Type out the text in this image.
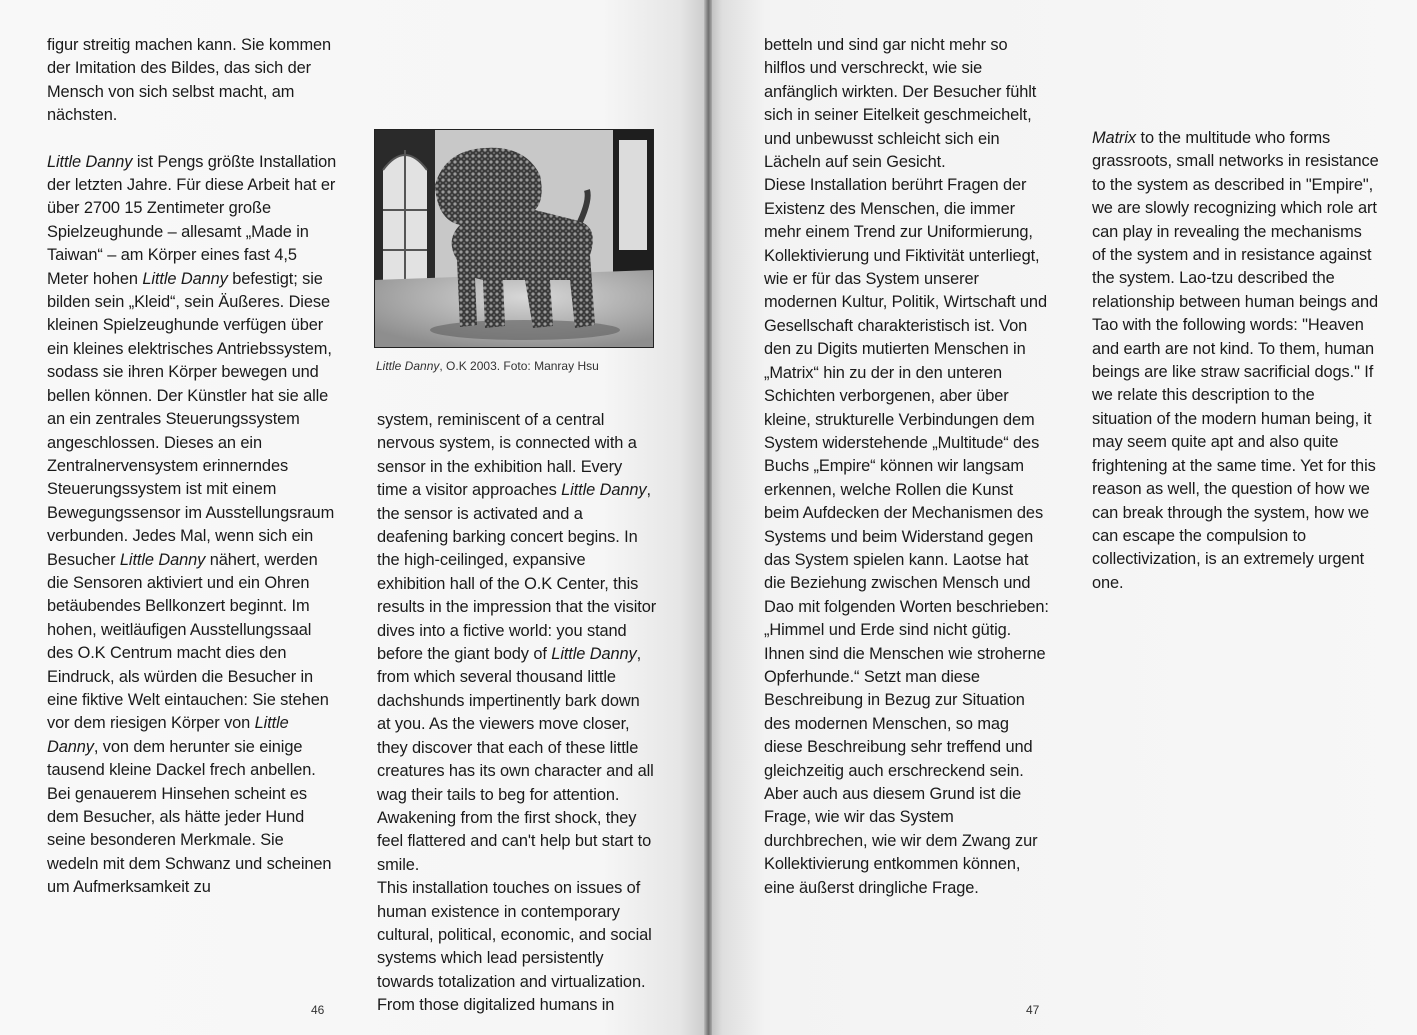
figur streitig machen kann. Sie kommen der Imitation des Bildes, das sich der Mensch von sich selbst macht, am nächsten.

Little Danny ist Pengs größte Installation der letzten Jahre. Für diese Arbeit hat er über 2700 15 Zentimeter große Spielzeughunde – allesamt „Made in Taiwan“ – am Körper eines fast 4,5 Meter hohen Little Danny befestigt; sie bilden sein „Kleid“, sein Äußeres. Diese kleinen Spielzeughunde verfügen über ein kleines elektrisches Antriebssystem, sodass sie ihren Körper bewegen und bellen können. Der Künstler hat sie alle an ein zentrales Steuerungssystem angeschlossen. Dieses an ein Zentralnervensystem erinnerndes Steuerungssystem ist mit einem Bewegungssensor im Ausstellungsraum verbunden. Jedes Mal, wenn sich ein Besucher Little Danny nähert, werden die Sensoren aktiviert und ein Ohren betäubendes Bellkonzert beginnt. Im hohen, weitläufigen Ausstellungssaal des O.K Centrum macht dies den Eindruck, als würden die Besucher in eine fiktive Welt eintauchen: Sie stehen vor dem riesigen Körper von Little Danny, von dem herunter sie einige tausend kleine Dackel frech anbellen. Bei genauerem Hinsehen scheint es dem Besucher, als hätte jeder Hund seine besonderen Merkmale. Sie wedeln mit dem Schwanz und scheinen um Aufmerksamkeit zu

Little Danny, O.K 2003. Foto: Manray Hsu

system, reminiscent of a central nervous system, is connected with a sensor in the exhibition hall. Every time a visitor approaches Little Danny, the sensor is activated and a deafening barking concert begins. In the high-ceilinged, expansive exhibition hall of the O.K Center, this results in the impression that the visitor dives into a fictive world: you stand before the giant body of Little Danny, from which several thousand little dachshunds impertinently bark down at you. As the viewers move closer, they discover that each of these little creatures has its own character and all wag their tails to beg for attention. Awakening from the first shock, they feel flattered and can't help but start to smile.

This installation touches on issues of human existence in contemporary cultural, political, economic, and social systems which lead persistently towards totalization and virtualization. From those digitalized humans in

46

betteln und sind gar nicht mehr so hilflos und verschreckt, wie sie anfänglich wirkten. Der Besucher fühlt sich in seiner Eitelkeit geschmeichelt, und unbewusst schleicht sich ein Lächeln auf sein Gesicht.

Diese Installation berührt Fragen der Existenz des Menschen, die immer mehr einem Trend zur Uniformierung, Kollektivierung und Fiktivität unterliegt, wie er für das System unserer modernen Kultur, Politik, Wirtschaft und Gesellschaft charakteristisch ist. Von den zu Digits mutierten Menschen in „Matrix“ hin zu der in den unteren Schichten verborgenen, aber über kleine, strukturelle Verbindungen dem System widerstehende „Multitude“ des Buchs „Empire“ können wir langsam erkennen, welche Rollen die Kunst beim Aufdecken der Mechanismen des Systems und beim Widerstand gegen das System spielen kann. Laotse hat die Beziehung zwischen Mensch und Dao mit folgenden Worten beschrieben: „Himmel und Erde sind nicht gütig. Ihnen sind die Menschen wie stroherne Opferhunde.“ Setzt man diese Beschreibung in Bezug zur Situation des modernen Menschen, so mag diese Beschreibung sehr treffend und gleichzeitig auch erschreckend sein. Aber auch aus diesem Grund ist die Frage, wie wir das System durchbrechen, wie wir dem Zwang zur Kollektivierung entkommen können, eine äußerst dringliche Frage.

Matrix to the multitude who forms grassroots, small networks in resistance to the system as described in "Empire", we are slowly recognizing which role art can play in revealing the mechanisms of the system and in resistance against the system. Lao-tzu described the relationship between human beings and Tao with the following words: "Heaven and earth are not kind. To them, human beings are like straw sacrificial dogs." If we relate this description to the situation of the modern human being, it may seem quite apt and also quite frightening at the same time. Yet for this reason as well, the question of how we can break through the system, how we can escape the compulsion to collectivization, is an extremely urgent one.

47
